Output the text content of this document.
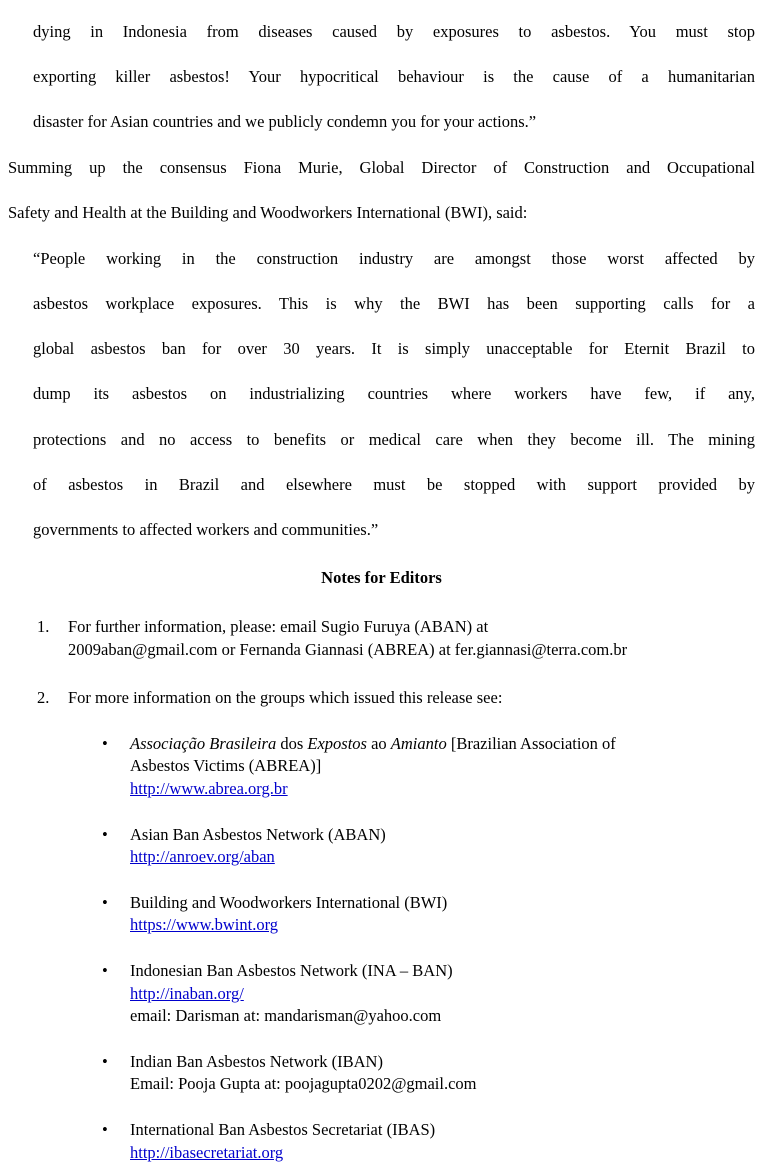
dying in Indonesia from diseases caused by exposures to asbestos. You must stop
exporting killer asbestos! Your hypocritical behaviour is the cause of a humanitarian
disaster for Asian countries and we publicly condemn you for your actions.”
Summing up the consensus Fiona Murie, Global Director of Construction and Occupational
Safety and Health at the Building and Woodworkers International (BWI), said:
“People working in the construction industry are amongst those worst affected by
asbestos workplace exposures. This is why the BWI has been supporting calls for a
global asbestos ban for over 30 years. It is simply unacceptable for Eternit Brazil to
dump its asbestos on industrializing countries where workers have few, if any,
protections and no access to benefits or medical care when they become ill. The mining
of asbestos in Brazil and elsewhere must be stopped with support provided by
governments to affected workers and communities.”
Notes for Editors
1. For further information, please: email Sugio Furuya (ABAN) at
2009aban@gmail.com or Fernanda Giannasi (ABREA) at fer.giannasi@terra.com.br
2. For more information on the groups which issued this release see:
• Associação Brasileira dos Expostos ao Amianto [Brazilian Association of
Asbestos Victims (ABREA)]
http://www.abrea.org.br
• Asian Ban Asbestos Network (ABAN)
http://anroev.org/aban
• Building and Woodworkers International (BWI)
https://www.bwint.org
• Indonesian Ban Asbestos Network (INA – BAN)
http://inaban.org/
email: Darisman at: mandarisman@yahoo.com
• Indian Ban Asbestos Network (IBAN)
Email: Pooja Gupta at: poojagupta0202@gmail.com
• International Ban Asbestos Secretariat (IBAS)
http://ibasecretariat.org
